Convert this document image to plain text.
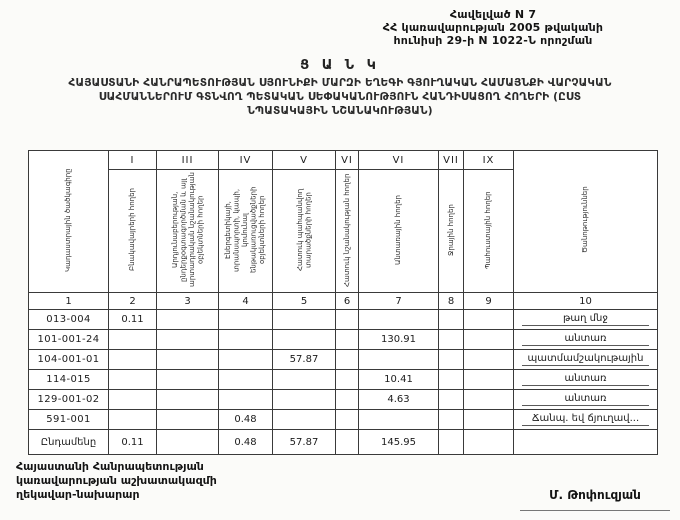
Հավելված N 7
ՀՀ կառավարության 2005 թվականի
հունիսի 29-ի N 1022-Ն որոշման
Ց Ա Ն Կ
ՀԱՅԱՍՏԱՆԻ ՀԱՆՐԱՊԵՏՈՒԹՅԱՆ ՍՅՈՒՆԻՔԻ ՄԱՐԶԻ ԵՂԵԳԻ ԳՅՈՒՂԱԿԱՆ ՀԱՄԱՅՆՔԻ ՎԱՐՉԱԿԱՆ
ՍԱՀՄԱՆՆԵՐՈՒՄ ԳՏՆՎՈՂ ՊԵՏԱԿԱՆ ՍԵՓԱԿԱՆՈՒԹՅՈՒՆ ՀԱՆԴԻՍԱՑՈՂ ՀՈՂԵՐԻ (ԸՍՏ
ՆՊԱՏԱԿԱՅԻՆ ՆՇԱՆԱԿՈՒԹՅԱՆ)
Կադաստրային ծածկագիրը	I	III	IV	V	VI	VI	VII	IX	Ծանոթություններ
	Բնակավայրերի հողեր	Արդյունաբերության, ընդերքօգտագործման և այլ արտադրական նշանակության օբյեկտների հողեր	Էներգետիկայի, տրանսպորտի, կապի, կոմունալ ենթակառուցվածքների օբյեկտների հողեր	Հատուկ պահպանվող տարածքների հողեր	Հատուկ նշանակության հողեր	Անտառային հողեր	Ջրային հողեր	Պահուստային հողեր	
1	2	3	4	5	6	7	8	9	10
013-004	0.11								թաղ մնջ
101-001-24						130.91			անտառ
104-001-01				57.87					պատմամշակութային
114-015						10.41			անտառ
129-001-02						4.63			անտառ
591-001			0.48						Ճանպ. եվ ճյուղավ...
Ընդամենը	0.11		0.48	57.87		145.95			
Հայաստանի Հանրապետության
կառավարության աշխատակազմի
ղեկավար-նախարար	Մ. Թոփուզյան
